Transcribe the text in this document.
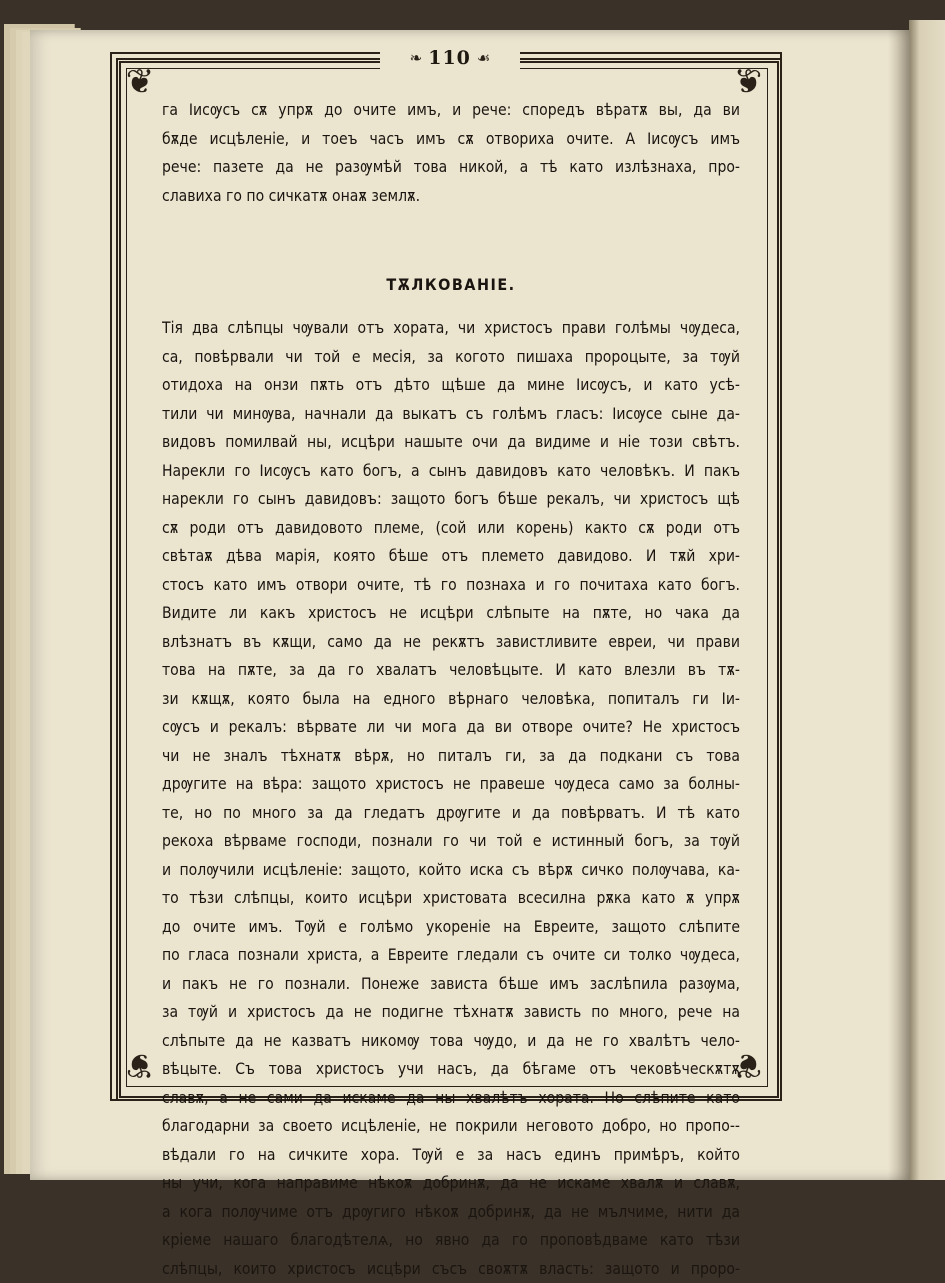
❦	❦
❦	❦
❧ 110 ☙
га Іисѹсъ сѫ упрѫ до очите имъ, и рече: споредъ вѣратѫ вы, да ви
бѫде исцѣленіе, и тоеъ часъ имъ сѫ отвориха очите. А Іисѹсъ имъ
рече: пазете да не разѹмѣй това никой, а тѣ като излѣзнаха, про-
славиха го по сичкатѫ онаѫ землѫ.
ТѪЛКОВАНІЕ.
Тія два слѣпцы чѹвали отъ хората, чи христосъ прави голѣмы чѹдеса,
са, повѣрвали чи той е месія, за когото пишаха пророцыте, за тѹй
отидоха на онзи пѫть отъ дѣто щѣше да мине Іисѹсъ, и като усѣ-
тили чи минѹва, начнали да выкатъ съ голѣмъ гласъ: Іисѹсе сыне да-
видовъ помилвай ны, исцѣри нашыте очи да видиме и ніе този свѣтъ.
Нарекли го Іисѹсъ като богъ, а сынъ давидовъ като человѣкъ. И пакъ
нарекли го сынъ давидовъ: защото богъ бѣше рекалъ, чи христосъ щѣ
сѫ роди отъ давидовото племе, (сой или корень) както сѫ роди отъ
свѣтаѫ дѣва марія, която бѣше отъ племето давидово. И тѫй хри-
стосъ като имъ отвори очите, тѣ го познаха и го почитаха като богъ.
Видите ли какъ христосъ не исцѣри слѣпыте на пѫте, но чака да
влѣзнатъ въ кѫщи, само да не рекѫтъ завистливите евреи, чи прави
това на пѫте, за да го хвалатъ человѣцыте. И като влезли въ тѫ-
зи кѫщѫ, която была на едного вѣрнаго человѣка, попиталъ ги Іи-
сѹсъ и рекалъ: вѣрвате ли чи мога да ви отворе очите? Не христосъ
чи не зналъ тѣхнатѫ вѣрѫ, но питалъ ги, за да подкани съ това
дрѹгите на вѣра: защото христосъ не правеше чѹдеса само за болны-
те, но по много за да гледатъ дрѹгите и да повѣрватъ. И тѣ като
рекоха вѣрваме господи, познали го чи той е истинный богъ, за тѹй
и полѹчили исцѣленіе: защото, който иска съ вѣрѫ сичко полѹчава, ка-
то тѣзи слѣпцы, които исцѣри христовата всесилна рѫка като ѫ упрѫ
до очите имъ. Тѹй е голѣмо укореніе на Евреите, защото слѣпите
по гласа познали христа, а Евреите гледали съ очите си толко чѹдеса,
и пакъ не го познали. Понеже зависта бѣше имъ заслѣпила разѹма,
за тѹй и христосъ да не подигне тѣхнатѫ зависть по много, рече на
слѣпыте да не казватъ никомѹ това чѹдо, и да не го хвалѣтъ чело-
вѣцыте. Съ това христосъ учи насъ, да бѣгаме отъ чековѣческѫтѫ
славѫ, а не сами да искаме да ны хвалѣтъ хората. Но слѣпите като
благодарни за своето исцѣленіе, не покрили неговото добро, но пропо--
вѣдали го на сичките хора. Тѹй е за насъ единъ примѣръ, който
ны учи, кога направиме нѣкоѫ добринѫ, да не искаме хвалѫ и славѫ,
а кога полѹчиме отъ дрѹгиго нѣкоѫ добринѫ, да не мълчиме, нити да
кріеме нашаго благодѣтелѧ, но явно да го проповѣдваме като тѣзи
слѣпцы, които христосъ исцѣри съсъ своѫтѫ власть: защото и проро-
